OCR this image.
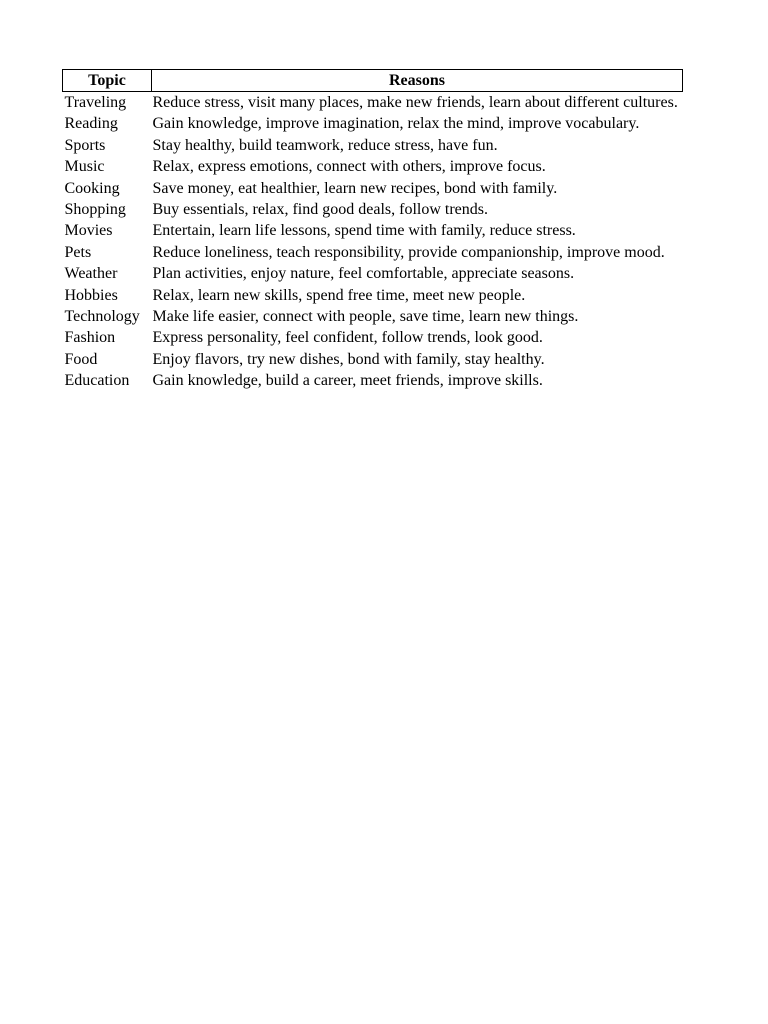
Topic	Reasons
Traveling	Reduce stress, visit many places, make new friends, learn about different cultures.
Reading	Gain knowledge, improve imagination, relax the mind, improve vocabulary.
Sports	Stay healthy, build teamwork, reduce stress, have fun.
Music	Relax, express emotions, connect with others, improve focus.
Cooking	Save money, eat healthier, learn new recipes, bond with family.
Shopping	Buy essentials, relax, find good deals, follow trends.
Movies	Entertain, learn life lessons, spend time with family, reduce stress.
Pets	Reduce loneliness, teach responsibility, provide companionship, improve mood.
Weather	Plan activities, enjoy nature, feel comfortable, appreciate seasons.
Hobbies	Relax, learn new skills, spend free time, meet new people.
Technology	Make life easier, connect with people, save time, learn new things.
Fashion	Express personality, feel confident, follow trends, look good.
Food	Enjoy flavors, try new dishes, bond with family, stay healthy.
Education	Gain knowledge, build a career, meet friends, improve skills.
